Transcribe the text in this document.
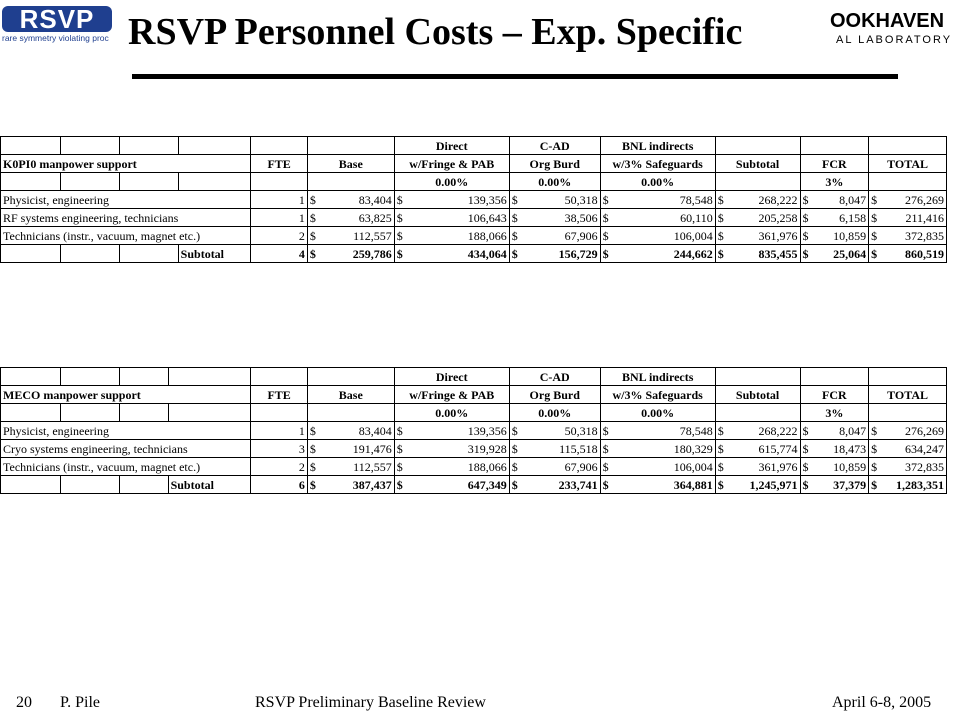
RSVP
rare symmetry violating proc RSVP Personnel Costs – Exp. Specific	OOKHAVEN
AL LABORATORY
							Direct		C-AD		BNL indirects							
K0PI0 manpower support				FTE	Base		w/Fringe & PAB		Org Burd		w/3% Safeguards		Subtotal		FCR		TOTAL	
							0.00%		0.00%		0.00%				3%			
Physicist, engineering				1	$	83,404	$	139,356	$	50,318	$	78,548	$	268,222	$	8,047	$	276,269
RF systems engineering, technicians				1	$	63,825	$	106,643	$	38,506	$	60,110	$	205,258	$	6,158	$	211,416
Technicians (instr., vacuum, magnet etc.)				2	$	112,557	$	188,066	$	67,906	$	106,004	$	361,976	$	10,859	$	372,835
			Subtotal	4	$	259,786	$	434,064	$	156,729	$	244,662	$	835,455	$	25,064	$	860,519
							Direct		C-AD		BNL indirects							
MECO manpower support				FTE	Base		w/Fringe & PAB		Org Burd		w/3% Safeguards		Subtotal		FCR		TOTAL	
							0.00%		0.00%		0.00%				3%			
Physicist, engineering				1	$	83,404	$	139,356	$	50,318	$	78,548	$	268,222	$	8,047	$	276,269
Cryo systems engineering, technicians				3	$	191,476	$	319,928	$	115,518	$	180,329	$	615,774	$	18,473	$	634,247
Technicians (instr., vacuum, magnet etc.)				2	$	112,557	$	188,066	$	67,906	$	106,004	$	361,976	$	10,859	$	372,835
			Subtotal	6	$	387,437	$	647,349	$	233,741	$	364,881	$	1,245,971	$	37,379	$	1,283,351
20 P. Pile	RSVP Preliminary Baseline Review	April 6-8, 2005
